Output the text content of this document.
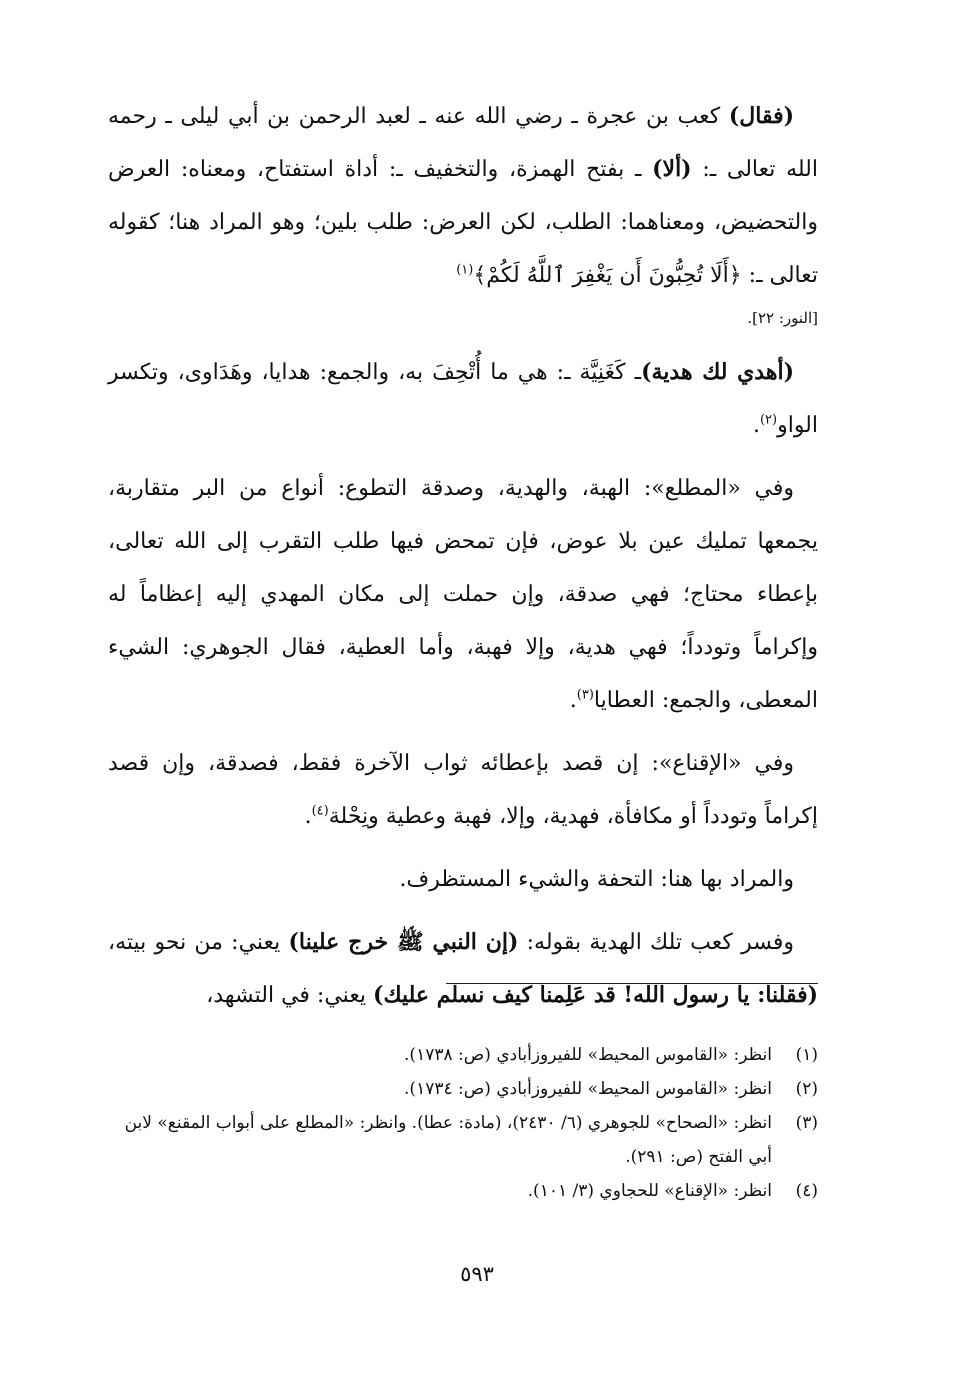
(فقال) كعب بن عجرة ـ رضي الله عنه ـ لعبد الرحمن بن أبي ليلى ـ رحمه الله تعالى ـ: (ألا) ـ بفتح الهمزة، والتخفيف ـ: أداة استفتاح، ومعناه: العرض والتحضيض، ومعناهما: الطلب، لكن العرض: طلب بلين؛ وهو المراد هنا؛ كقوله تعالى ـ: ﴿أَلَا تُحِبُّونَ أَن يَغْفِرَ ٱللَّهُ لَكُمْ﴾$^{(١)}$

[النور: ٢٢].

(أهدي لك هدية)ـ كَغَنِيَّة ـ: هي ما أُتْحِفَ به، والجمع: هدايا، وهَدَاوى، وتكسر الواو$^{(٢)}$.

وفي «المطلع»: الهبة، والهدية، وصدقة التطوع: أنواع من البر متقاربة، يجمعها تمليك عين بلا عوض، فإن تمحض فيها طلب التقرب إلى الله تعالى، بإعطاء محتاج؛ فهي صدقة، وإن حملت إلى مكان المهدي إليه إعظاماً له وإكراماً وتودداً؛ فهي هدية، وإلا فهبة، وأما العطية، فقال الجوهري: الشيء المعطى، والجمع: العطايا$^{(٣)}$.

وفي «الإقناع»: إن قصد بإعطائه ثواب الآخرة فقط، فصدقة، وإن قصد إكراماً وتودداً أو مكافأة، فهدية، وإلا، فهبة وعطية ونِحْلة$^{(٤)}$.

والمراد بها هنا: التحفة والشيء المستظرف.

وفسر كعب تلك الهدية بقوله: (إن النبي ﷺ خرج علينا) يعني: من نحو بيته، (فقلنا: يا رسول الله! قد عَلِمنا كيف نسلم عليك) يعني: في التشهد،

(١)
انظر: «القاموس المحيط» للفيروزأبادي (ص: ١٧٣٨).
(٢)
انظر: «القاموس المحيط» للفيروزأبادي (ص: ١٧٣٤).
(٣)
انظر: «الصحاح» للجوهري (٦/ ٢٤٣٠)، (مادة: عطا). وانظر: «المطلع على أبواب المقنع» لابن أبي الفتح (ص: ٢٩١).
(٤)
انظر: «الإقناع» للحجاوي (٣/ ١٠١).
٥٩٣
